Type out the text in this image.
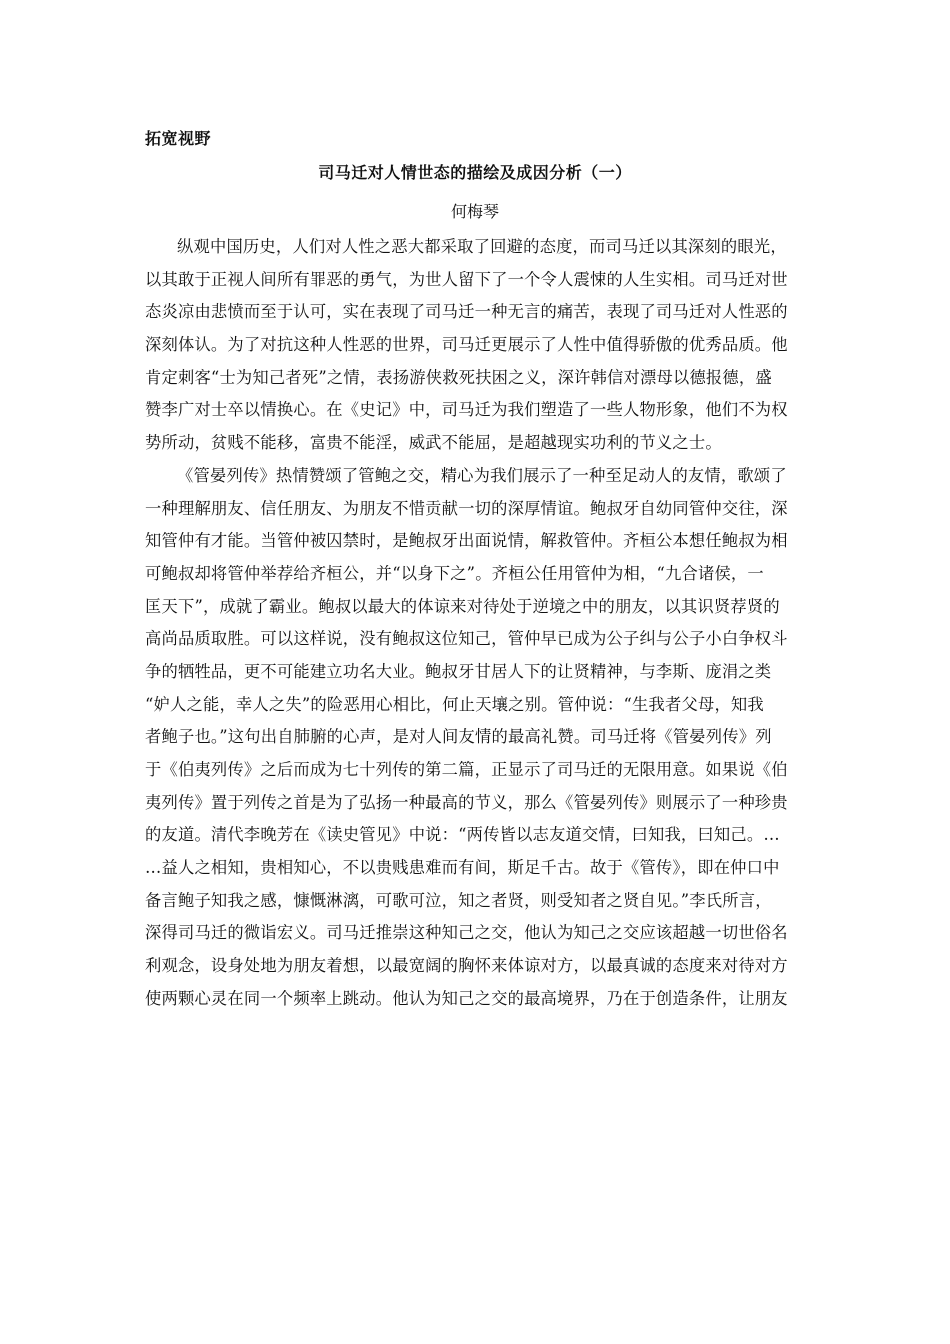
拓宽视野
司马迁对人情世态的描绘及成因分析（一）
何梅琴
纵观中国历史，人们对人性之恶大都采取了回避的态度，而司马迁以其深刻的眼光，
以其敢于正视人间所有罪恶的勇气，为世人留下了一个令人震悚的人生实相。司马迁对世
态炎凉由悲愤而至于认可，实在表现了司马迁一种无言的痛苦，表现了司马迁对人性恶的
深刻体认。为了对抗这种人性恶的世界，司马迁更展示了人性中值得骄傲的优秀品质。他
肯定刺客“士为知己者死”之情，表扬游侠救死扶困之义，深许韩信对漂母以德报德，盛
赞李广对士卒以情换心。在《史记》中，司马迁为我们塑造了一些人物形象，他们不为权
势所动，贫贱不能移，富贵不能淫，威武不能屈，是超越现实功利的节义之士。
《管晏列传》热情赞颂了管鲍之交，精心为我们展示了一种至足动人的友情，歌颂了
一种理解朋友、信任朋友、为朋友不惜贡献一切的深厚情谊。鲍叔牙自幼同管仲交往，深
知管仲有才能。当管仲被囚禁时，是鲍叔牙出面说情，解救管仲。齐桓公本想任鲍叔为相
可鲍叔却将管仲举荐给齐桓公，并“以身下之”。齐桓公任用管仲为相，“九合诸侯，一
匡天下”，成就了霸业。鲍叔以最大的体谅来对待处于逆境之中的朋友，以其识贤荐贤的
高尚品质取胜。可以这样说，没有鲍叔这位知己，管仲早已成为公子纠与公子小白争权斗
争的牺牲品，更不可能建立功名大业。鲍叔牙甘居人下的让贤精神，与李斯、庞涓之类
“妒人之能，幸人之失”的险恶用心相比，何止天壤之别。管仲说：“生我者父母，知我
者鲍子也。”这句出自肺腑的心声，是对人间友情的最高礼赞。司马迁将《管晏列传》列
于《伯夷列传》之后而成为七十列传的第二篇，正显示了司马迁的无限用意。如果说《伯
夷列传》置于列传之首是为了弘扬一种最高的节义，那么《管晏列传》则展示了一种珍贵
的友道。清代李晚芳在《读史管见》中说：“两传皆以志友道交情，曰知我，曰知己。…
…益人之相知，贵相知心，不以贵贱患难而有间，斯足千古。故于《管传》，即在仲口中
备言鲍子知我之感，慷慨淋漓，可歌可泣，知之者贤，则受知者之贤自见。”李氏所言，
深得司马迁的微诣宏义。司马迁推崇这种知己之交，他认为知己之交应该超越一切世俗名
利观念，设身处地为朋友着想，以最宽阔的胸怀来体谅对方，以最真诚的态度来对待对方
使两颗心灵在同一个频率上跳动。他认为知己之交的最高境界，乃在于创造条件，让朋友
